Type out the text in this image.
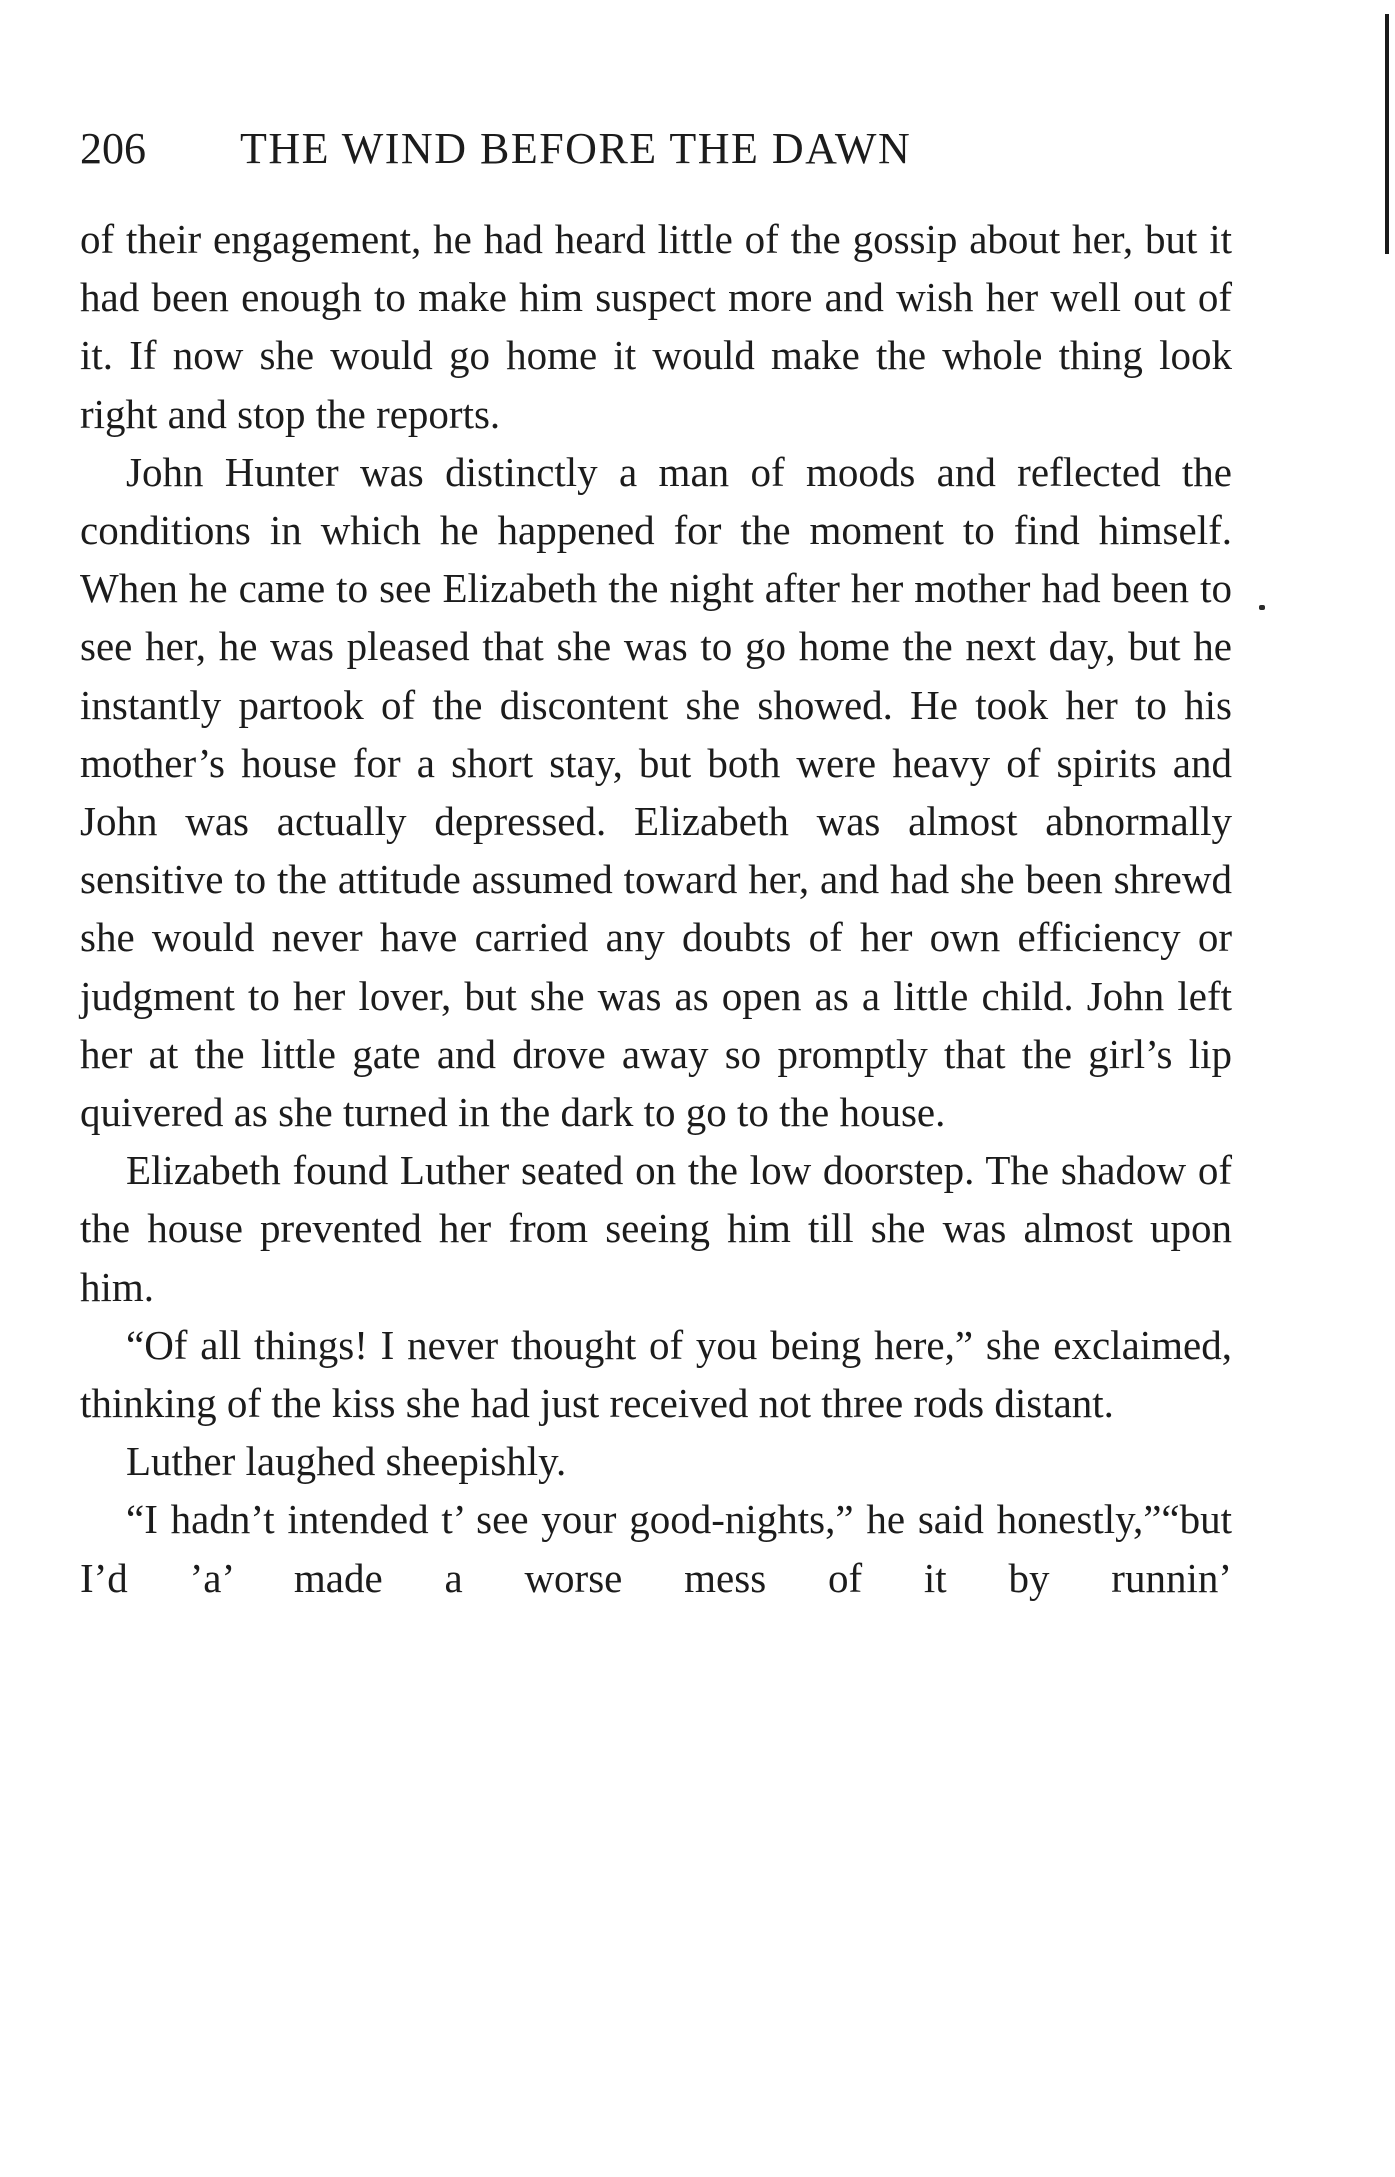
206 THE WIND BEFORE THE DAWN

of their engagement, he had heard little of the gossip about her, but it had been enough to make him suspect more and wish her well out of it. If now she would go home it would make the whole thing look right and stop the reports.

John Hunter was distinctly a man of moods and reflected the conditions in which he happened for the moment to find himself. When he came to see Elizabeth the night after her mother had been to see her, he was pleased that she was to go home the next day, but he instantly partook of the discontent she showed. He took her to his mother’s house for a short stay, but both were heavy of spirits and John was actually depressed. Elizabeth was almost abnormally sensitive to the attitude assumed toward her, and had she been shrewd she would never have carried any doubts of her own efficiency or judgment to her lover, but she was as open as a little child. John left her at the little gate and drove away so promptly that the girl’s lip quivered as she turned in the dark to go to the house.

Elizabeth found Luther seated on the low doorstep. The shadow of the house prevented her from seeing him till she was almost upon him.

“Of all things! I never thought of you being here,” she exclaimed, thinking of the kiss she had just received not three rods distant.

Luther laughed sheepishly.

“I hadn’t intended t’ see your good-nights,” he said honestly,”“but I’d ’a’ made a worse mess of it by runnin’
